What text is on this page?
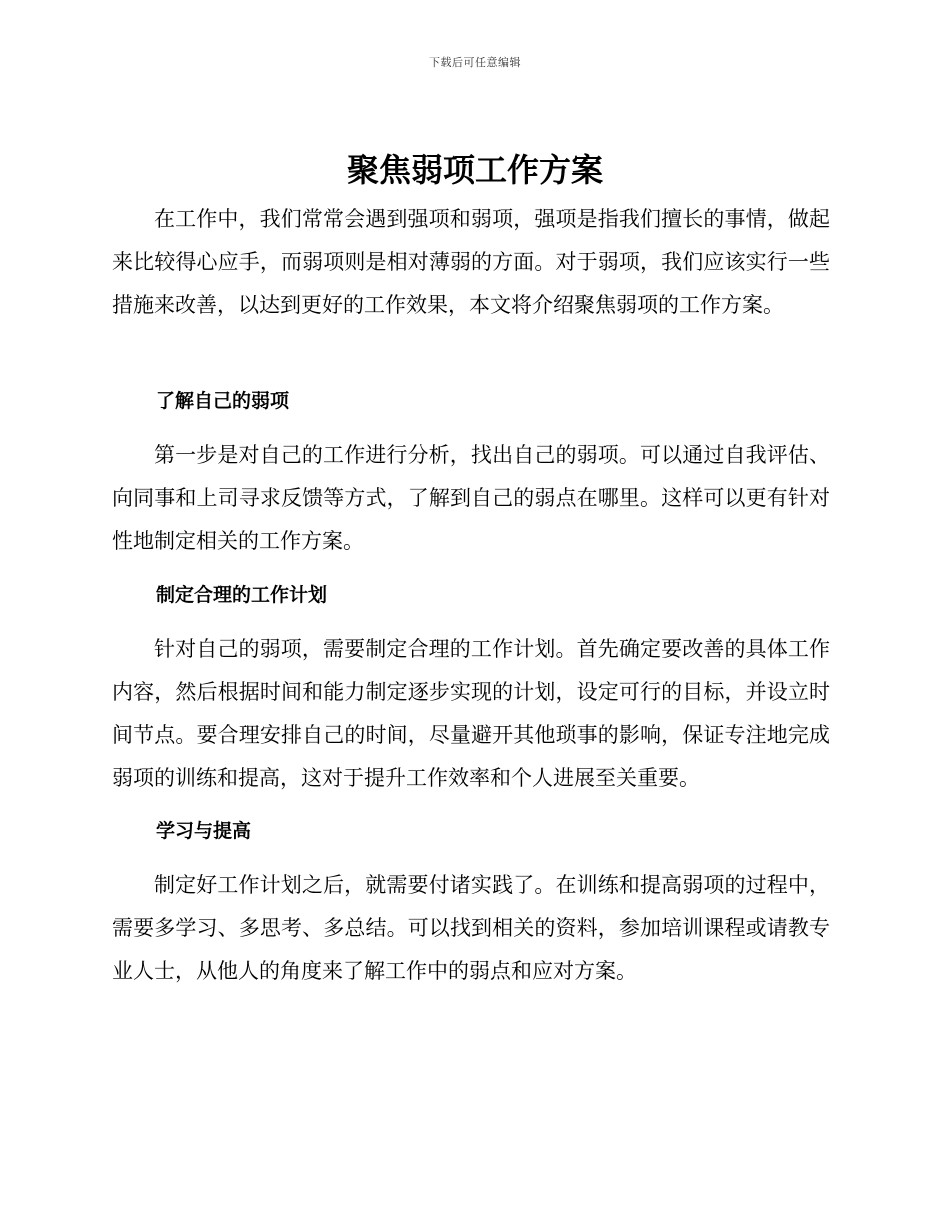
下载后可任意编辑
聚焦弱项工作方案

在工作中，我们常常会遇到强项和弱项，强项是指我们擅长的事情，做起来比较得心应手，而弱项则是相对薄弱的方面。对于弱项，我们应该实行一些措施来改善，以达到更好的工作效果，本文将介绍聚焦弱项的工作方案。

了解自己的弱项

第一步是对自己的工作进行分析，找出自己的弱项。可以通过自我评估、向同事和上司寻求反馈等方式，了解到自己的弱点在哪里。这样可以更有针对性地制定相关的工作方案。

制定合理的工作计划

针对自己的弱项，需要制定合理的工作计划。首先确定要改善的具体工作内容，然后根据时间和能力制定逐步实现的计划，设定可行的目标，并设立时间节点。要合理安排自己的时间，尽量避开其他琐事的影响，保证专注地完成弱项的训练和提高，这对于提升工作效率和个人进展至关重要。

学习与提高

制定好工作计划之后，就需要付诸实践了。在训练和提高弱项的过程中，需要多学习、多思考、多总结。可以找到相关的资料，参加培训课程或请教专业人士，从他人的角度来了解工作中的弱点和应对方案。
